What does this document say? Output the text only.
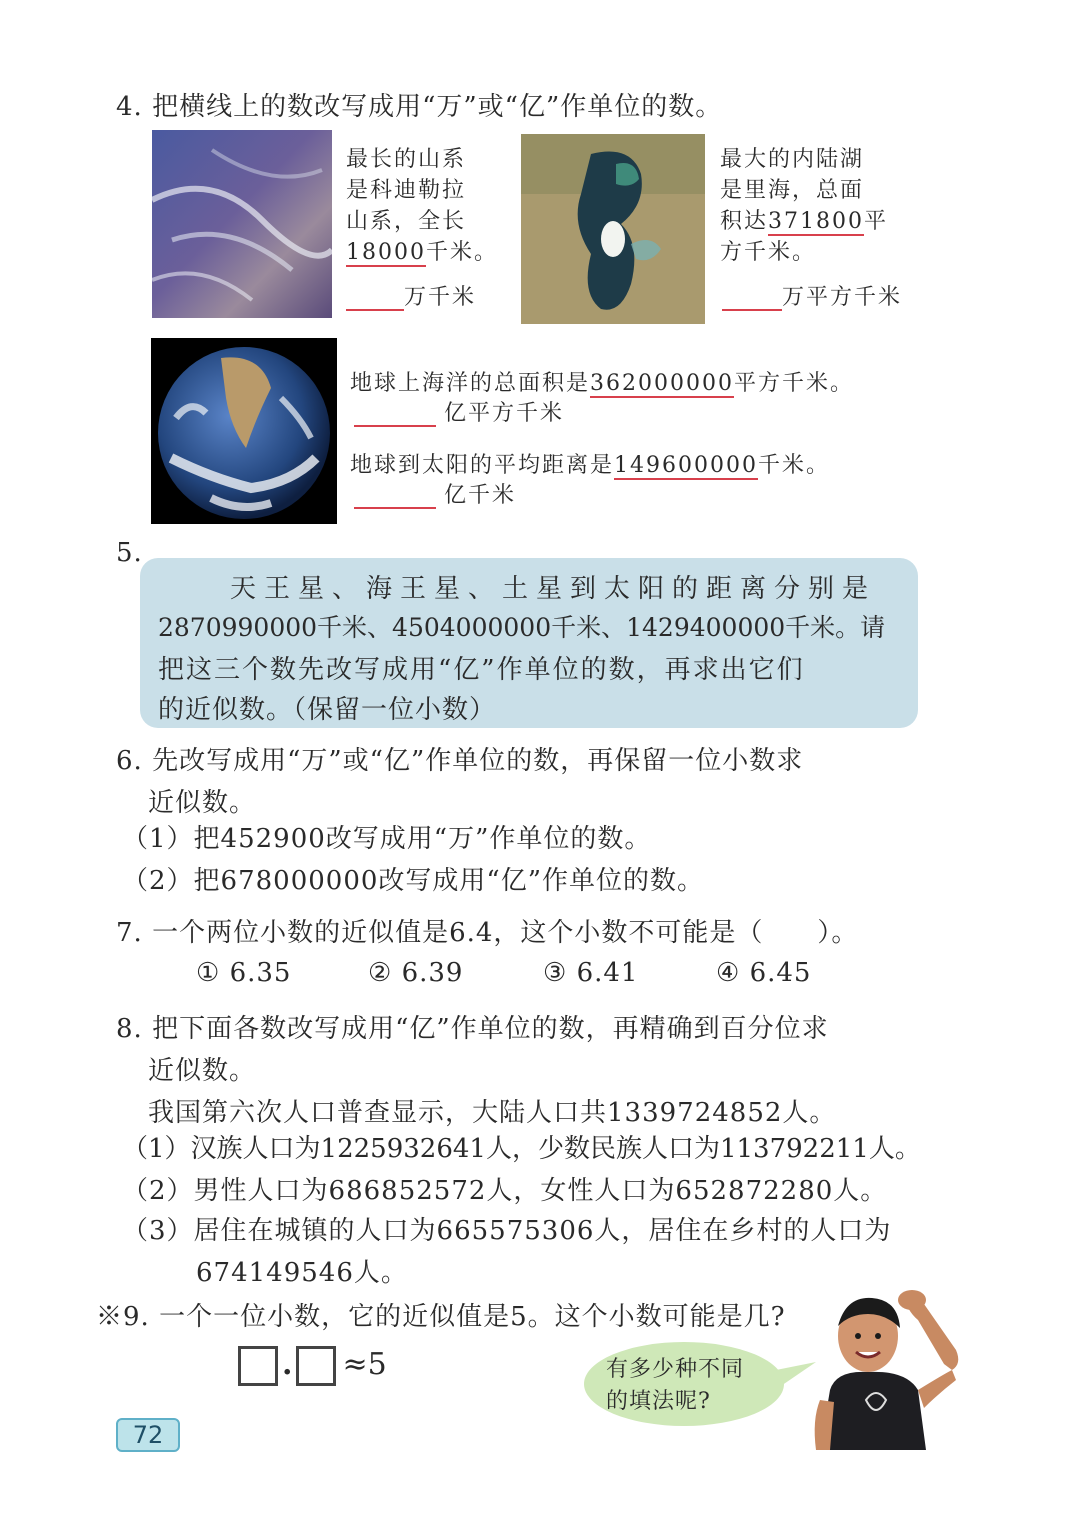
4. 把横线上的数改写成用“万”或“亿”作单位的数。
最长的山系
是科迪勒拉
山系，全长
18000千米。
万千米
最大的内陆湖
是里海，总面
积达371800平
方千米。
万平方千米
地球上海洋的总面积是362000000平方千米。
亿平方千米
地球到太阳的平均距离是149600000千米。
亿千米
5.
天王星、海王星、土星到太阳的距离分别是
2870990000千米、4504000000千米、1429400000千米。请
把这三个数先改写成用“亿”作单位的数，再求出它们
的近似数。（保留一位小数）
6. 先改写成用“万”或“亿”作单位的数，再保留一位小数求
近似数。
（1）把452900改写成用“万”作单位的数。
（2）把678000000改写成用“亿”作单位的数。
7. 一个两位小数的近似值是6.4，这个小数不可能是（　　）。
① 6.35	② 6.39	③ 6.41	④ 6.45
8. 把下面各数改写成用“亿”作单位的数，再精确到百分位求
近似数。
我国第六次人口普查显示，大陆人口共1339724852人。
（1）汉族人口为1225932641人，少数民族人口为113792211人。
（2）男性人口为686852572人，女性人口为652872280人。
（3）居住在城镇的人口为665575306人，居住在乡村的人口为
674149546人。
※9. 一个一位小数，它的近似值是5。这个小数可能是几?
. ≈5	有多少种不同
的填法呢?
72
